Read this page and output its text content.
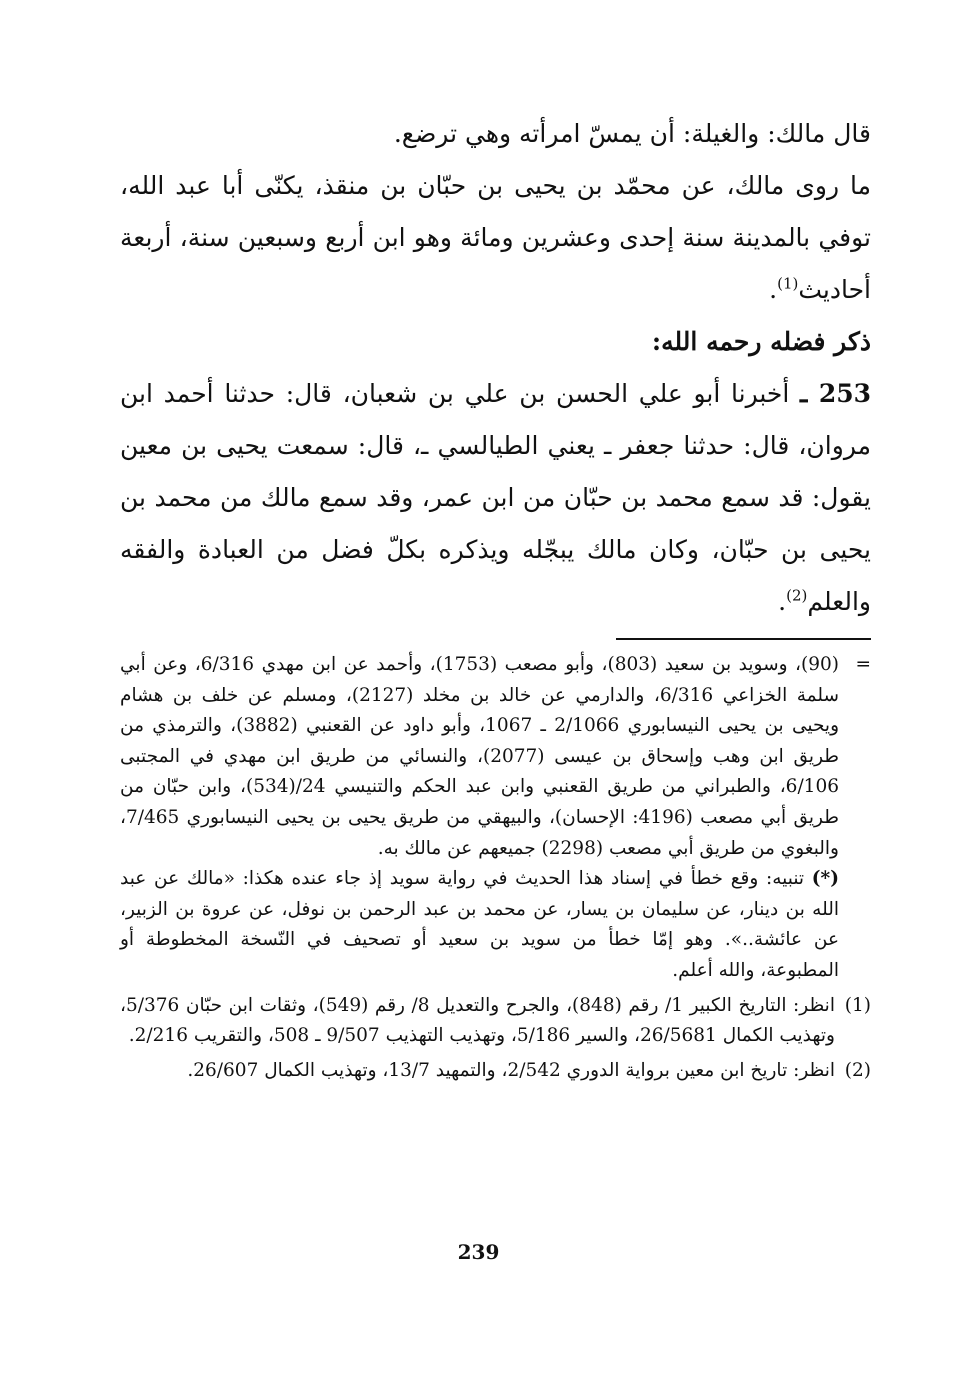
قال مالك: والغيلة: أن يمسّ امرأته وهي ترضع.

ما روى مالك، عن محمّد بن يحيى بن حبّان بن منقذ، يكنّى أبا عبد الله، توفي بالمدينة سنة إحدى وعشرين ومائة وهو ابن أربع وسبعين سنة، أربعة أحاديث$^{(1)}$.

ذكر فضله رحمه الله:

253 ـ أخبرنا أبو علي الحسن بن علي بن شعبان، قال: حدثنا أحمد ابن مروان، قال: حدثنا جعفر ـ يعني الطيالسي ـ، قال: سمعت يحيى بن معين يقول: قد سمع محمد بن حبّان من ابن عمر، وقد سمع مالك من محمد بن يحيى بن حبّان، وكان مالك يبجّله ويذكره بكلّ فضل من العبادة والفقه والعلم$^{(2)}$.

=
(90)، وسويد بن سعيد (803)، وأبو مصعب (1753)، وأحمد عن ابن مهدي 6/316، وعن أبي سلمة الخزاعي 6/316، والدارمي عن خالد بن مخلد (2127)، ومسلم عن خلف بن هشام ويحيى بن يحيى النيسابوري 2/1066 ـ 1067، وأبو داود عن القعنبي (3882)، والترمذي من طريق ابن وهب وإسحاق بن عيسى (2077)، والنسائي من طريق ابن مهدي في المجتبى 6/106، والطبراني من طريق القعنبي وابن عبد الحكم والتنيسي 24/(534)، وابن حبّان من طريق أبي مصعب (4196: الإحسان)، والبيهقي من طريق يحيى بن يحيى النيسابوري 7/465، والبغوي من طريق أبي مصعب (2298) جميعهم عن مالك به.
(*) تنبيه: وقع خطأ في إسناد هذا الحديث في رواية سويد إذ جاء عنده هكذا: «مالك عن عبد الله بن دينار، عن سليمان بن يسار، عن محمد بن عبد الرحمن بن نوفل، عن عروة بن الزبير، عن عائشة..». وهو إمّا خطأ من سويد بن سعيد أو تصحيف في النّسخة المخطوطة أو المطبوعة، والله أعلم.
(1)
انظر: التاريخ الكبير 1/ رقم (848)، والجرح والتعديل 8/ رقم (549)، وثقات ابن حبّان 5/376، وتهذيب الكمال 26/5681، والسير 5/186، وتهذيب التهذيب 9/507 ـ 508، والتقريب 2/216.
(2)
انظر: تاريخ ابن معين برواية الدوري 2/542، والتمهيد 13/7، وتهذيب الكمال 26/607.
239
